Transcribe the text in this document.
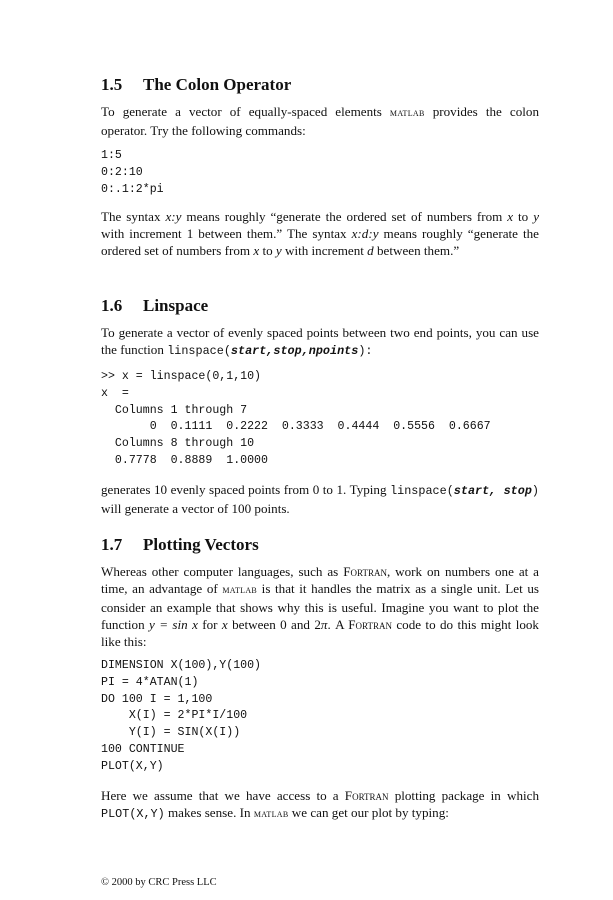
1.5 The Colon Operator

To generate a vector of equally-spaced elements matlab provides the colon operator. Try the following commands:

1:5
0:2:10
0:.1:2*pi

The syntax x:y means roughly “generate the ordered set of numbers from x to y with increment 1 between them.” The syntax x:d:y means roughly “generate the ordered set of numbers from x to y with increment d between them.”

1.6 Linspace

To generate a vector of evenly spaced points between two end points, you can use the function linspace(start,stop,npoints):

>> x = linspace(0,1,10)
x  =
Columns 1 through 7
0  0.1111  0.2222  0.3333  0.4444  0.5556  0.6667
Columns 8 through 10
0.7778  0.8889  1.0000

generates 10 evenly spaced points from 0 to 1. Typing linspace(start, stop) will generate a vector of 100 points.

1.7 Plotting Vectors

Whereas other computer languages, such as Fortran, work on numbers one at a time, an advantage of matlab is that it handles the matrix as a single unit. Let us consider an example that shows why this is useful. Imagine you want to plot the function y = sin x for x between 0 and 2π. A Fortran code to do this might look like this:

DIMENSION X(100),Y(100)
PI = 4*ATAN(1)
DO 100 I = 1,100
X(I) = 2*PI*I/100
Y(I) = SIN(X(I))
100 CONTINUE
PLOT(X,Y)

Here we assume that we have access to a Fortran plotting package in which PLOT(X,Y) makes sense. In matlab we can get our plot by typing:

© 2000 by CRC Press LLC
